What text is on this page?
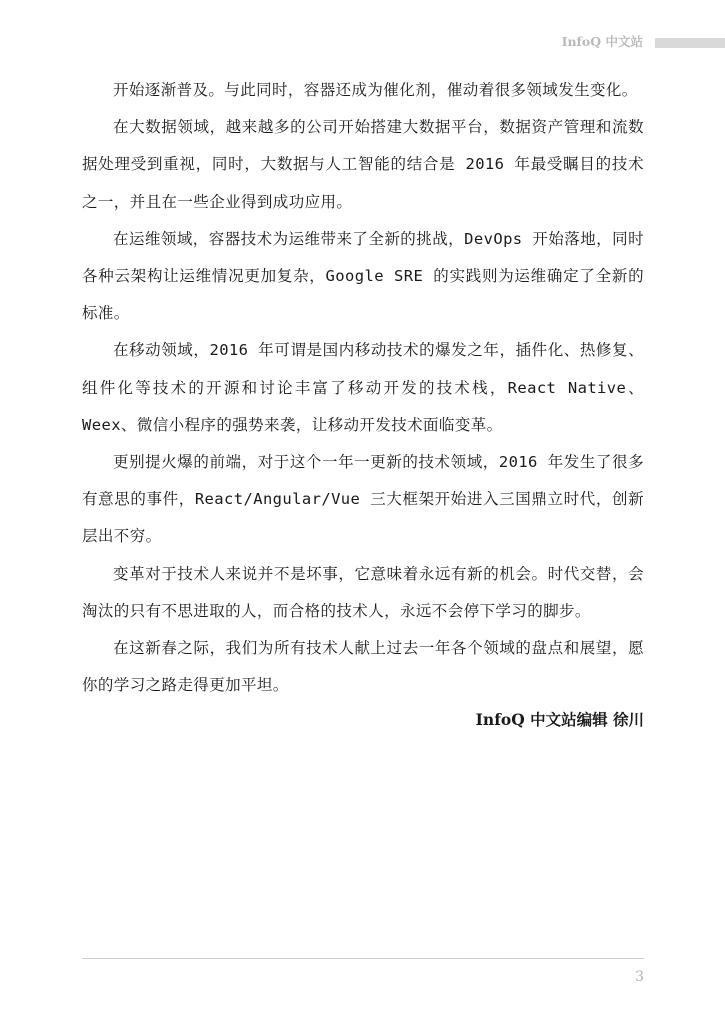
InfoQ 中文站

开始逐渐普及。与此同时，容器还成为催化剂，催动着很多领域发生变化。

在大数据领域，越来越多的公司开始搭建大数据平台，数据资产管理和流数据处理受到重视，同时，大数据与人工智能的结合是 2016 年最受瞩目的技术之一，并且在一些企业得到成功应用。

在运维领域，容器技术为运维带来了全新的挑战，DevOps 开始落地，同时各种云架构让运维情况更加复杂，Google SRE 的实践则为运维确定了全新的标准。

在移动领域，2016 年可谓是国内移动技术的爆发之年，插件化、热修复、组件化等技术的开源和讨论丰富了移动开发的技术栈，React Native、Weex、微信小程序的强势来袭，让移动开发技术面临变革。

更别提火爆的前端，对于这个一年一更新的技术领域，2016 年发生了很多有意思的事件，React/Angular/Vue 三大框架开始进入三国鼎立时代，创新层出不穷。

变革对于技术人来说并不是坏事，它意味着永远有新的机会。时代交替，会淘汰的只有不思进取的人，而合格的技术人，永远不会停下学习的脚步。

在这新春之际，我们为所有技术人献上过去一年各个领域的盘点和展望，愿你的学习之路走得更加平坦。

InfoQ 中文站编辑 徐川
3
